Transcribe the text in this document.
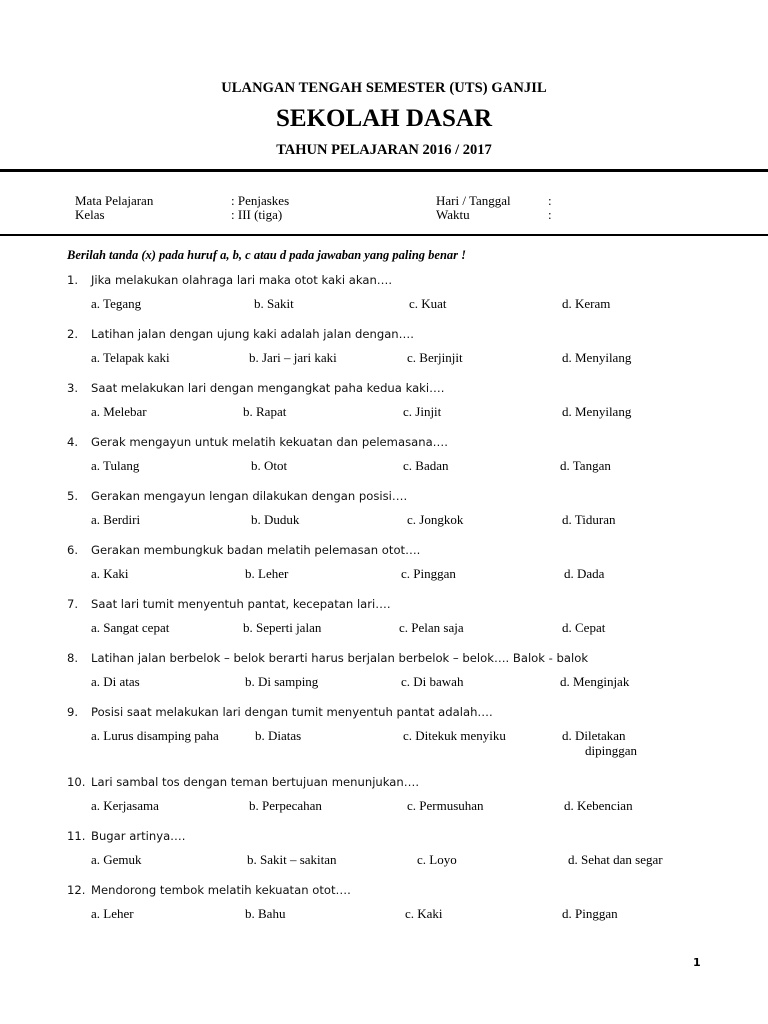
ULANGAN TENGAH SEMESTER (UTS) GANJIL
SEKOLAH DASAR
TAHUN PELAJARAN 2016 / 2017
Mata Pelajaran	: Penjaskes	Hari / Tanggal	:
Kelas	: III (tiga)	Waktu	:
Berilah tanda (x) pada huruf a, b, c atau d pada jawaban yang paling benar !
1. Jika melakukan olahraga lari maka otot kaki akan….
a. Tegang	b. Sakit	c. Kuat	d. Keram
2. Latihan jalan dengan ujung kaki adalah jalan dengan….
a. Telapak kaki	b. Jari – jari kaki	c. Berjinjit	d. Menyilang
3. Saat melakukan lari dengan mengangkat paha kedua kaki….
a. Melebar	b. Rapat	c. Jinjit	d. Menyilang
4. Gerak mengayun untuk melatih kekuatan dan pelemasana….
a. Tulang	b. Otot	c. Badan	d. Tangan
5. Gerakan mengayun lengan dilakukan dengan posisi….
a. Berdiri	b. Duduk	c. Jongkok	d. Tiduran
6. Gerakan membungkuk badan melatih pelemasan otot….
a. Kaki	b. Leher	c. Pinggan	d. Dada
7. Saat lari tumit menyentuh pantat, kecepatan lari….
a. Sangat cepat	b. Seperti jalan	c. Pelan saja	d. Cepat
8. Latihan jalan berbelok – belok berarti harus berjalan berbelok – belok…. Balok - balok
a. Di atas	b. Di samping	c. Di bawah	d. Menginjak
9. Posisi saat melakukan lari dengan tumit menyentuh pantat adalah….
a. Lurus disamping paha	b. Diatas	c. Ditekuk menyiku	d. Diletakan
dipinggan
10. Lari sambal tos dengan teman bertujuan menunjukan….
a. Kerjasama	b. Perpecahan	c. Permusuhan	d. Kebencian
11. Bugar artinya….
a. Gemuk	b. Sakit – sakitan	c. Loyo	d. Sehat dan segar
12. Mendorong tembok melatih kekuatan otot….
a. Leher	b. Bahu	c. Kaki	d. Pinggan
1
